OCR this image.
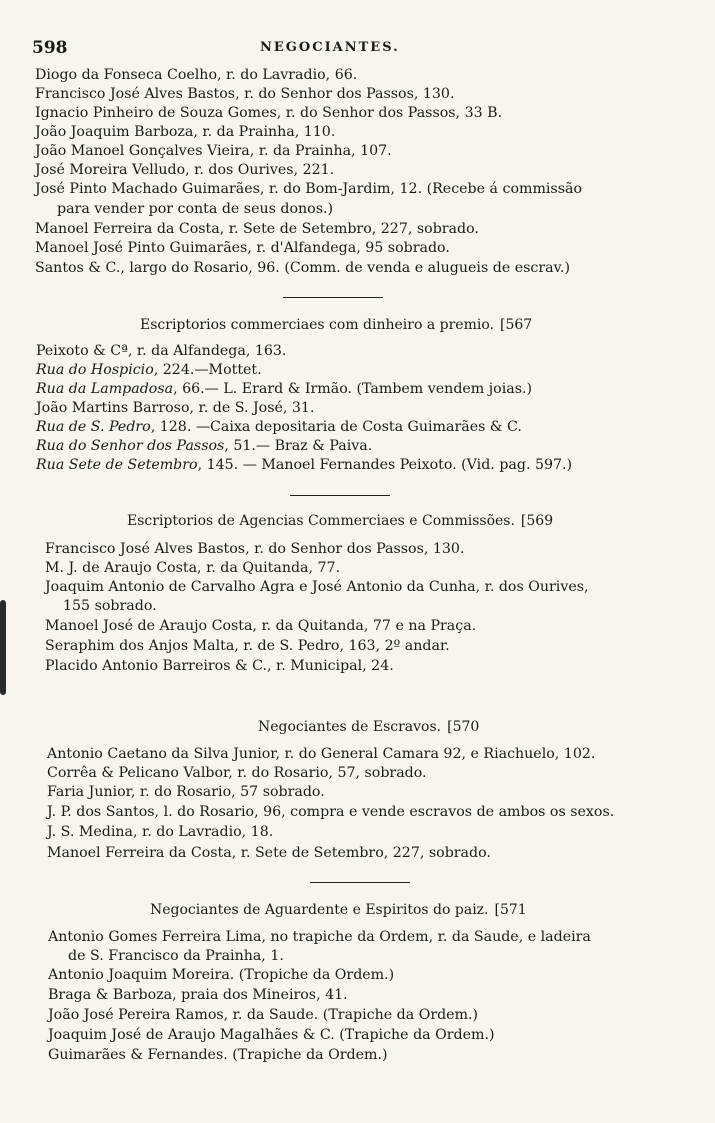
598	NEGOCIANTES.
Diogo da Fonseca Coelho, r. do Lavradio, 66.
Francisco José Alves Bastos, r. do Senhor dos Passos, 130.
Ignacio Pinheiro de Souza Gomes, r. do Senhor dos Passos, 33 B.
João Joaquim Barboza, r. da Prainha, 110.
João Manoel Gonçalves Vieira, r. da Prainha, 107.
José Moreira Velludo, r. dos Ourives, 221.
José Pinto Machado Guimarães, r. do Bom-Jardim, 12. (Recebe á commissão
para vender por conta de seus donos.)
Manoel Ferreira da Costa, r. Sete de Setembro, 227, sobrado.
Manoel José Pinto Guimarães, r. d'Alfandega, 95 sobrado.
Santos & C., largo do Rosario, 96. (Comm. de venda e alugueis de escrav.)
Escriptorios commerciaes com dinheiro a premio. [567
Peixoto & Cª, r. da Alfandega, 163.
Rua do Hospicio, 224.—Mottet.
Rua da Lampadosa, 66.— L. Erard & Irmão. (Tambem vendem joias.)
João Martins Barroso, r. de S. José, 31.
Rua de S. Pedro, 128. —Caixa depositaria de Costa Guimarães & C.
Rua do Senhor dos Passos, 51.— Braz & Paiva.
Rua Sete de Setembro, 145. — Manoel Fernandes Peixoto. (Vid. pag. 597.)
Escriptorios de Agencias Commerciaes e Commissões. [569
Francisco José Alves Bastos, r. do Senhor dos Passos, 130.
M. J. de Araujo Costa, r. da Quitanda, 77.
Joaquim Antonio de Carvalho Agra e José Antonio da Cunha, r. dos Ourives,
155 sobrado.
Manoel José de Araujo Costa, r. da Quitanda, 77 e na Praça.
Seraphim dos Anjos Malta, r. de S. Pedro, 163, 2º andar.
Placido Antonio Barreiros & C., r. Municipal, 24.
Negociantes de Escravos. [570
Antonio Caetano da Silva Junior, r. do General Camara 92, e Riachuelo, 102.
Corrêa & Pelicano Valbor, r. do Rosario, 57, sobrado.
Faria Junior, r. do Rosario, 57 sobrado.
J. P. dos Santos, l. do Rosario, 96, compra e vende escravos de ambos os sexos.
J. S. Medina, r. do Lavradio, 18.
Manoel Ferreira da Costa, r. Sete de Setembro, 227, sobrado.
Negociantes de Aguardente e Espiritos do paiz. [571
Antonio Gomes Ferreira Lima, no trapiche da Ordem, r. da Saude, e ladeira
de S. Francisco da Prainha, 1.
Antonio Joaquim Moreira. (Tropiche da Ordem.)
Braga & Barboza, praia dos Mineiros, 41.
João José Pereira Ramos, r. da Saude. (Trapiche da Ordem.)
Joaquim José de Araujo Magalhães & C. (Trapiche da Ordem.)
Guimarães & Fernandes. (Trapiche da Ordem.)
